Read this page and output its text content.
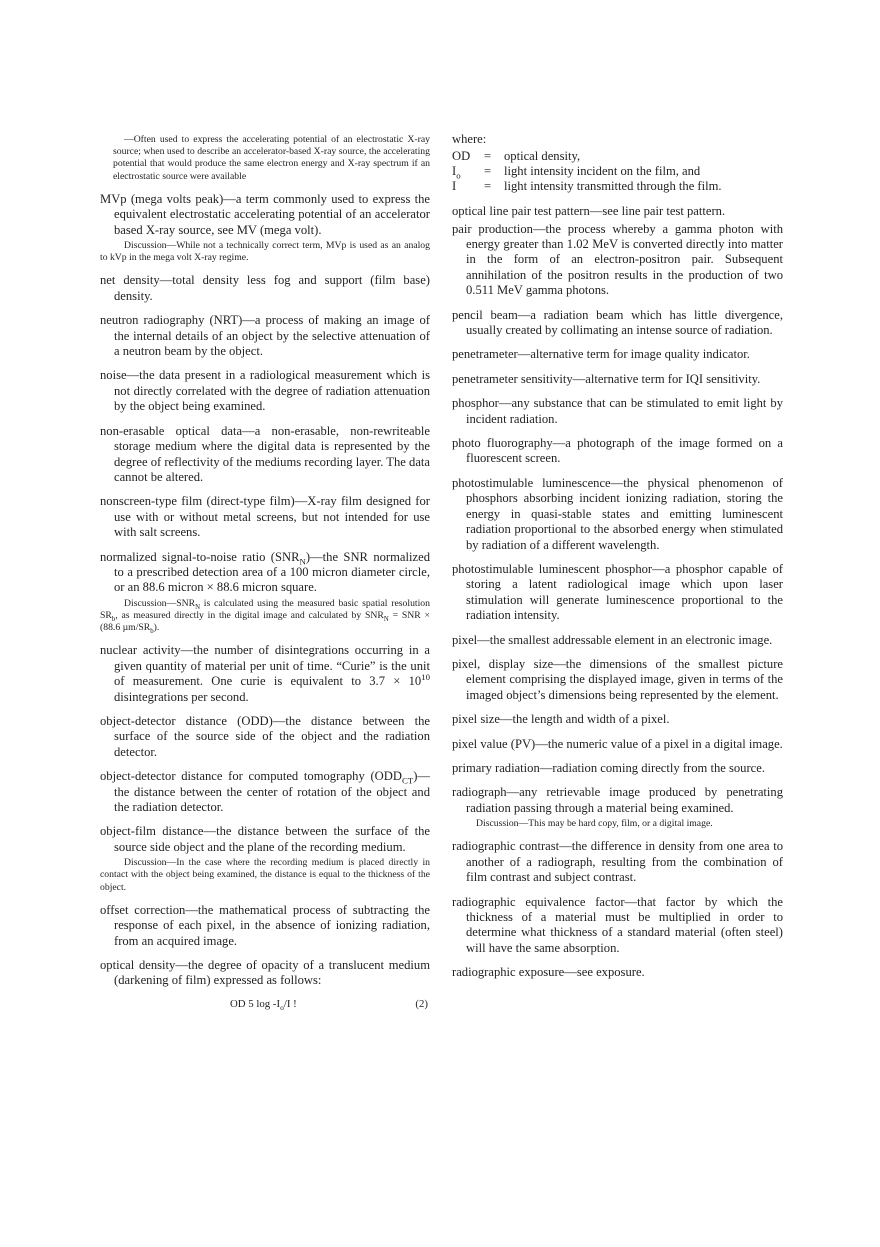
—Often used to express the accelerating potential of an electrostatic X-ray source; when used to describe an accelerator-based X-ray source, the accelerating potential that would produce the same electron energy and X-ray spectrum if an electrostatic source were available

MVp (mega volts peak)—a term commonly used to express the equivalent electrostatic accelerating potential of an accelerator based X-ray source, see MV (mega volt).

Discussion—While not a technically correct term, MVp is used as an analog to kVp in the mega volt X-ray regime.

net density—total density less fog and support (film base) density.

neutron radiography (NRT)—a process of making an image of the internal details of an object by the selective attenuation of a neutron beam by the object.

noise—the data present in a radiological measurement which is not directly correlated with the degree of radiation attenuation by the object being examined.

non-erasable optical data—a non-erasable, non-rewriteable storage medium where the digital data is represented by the degree of reflectivity of the mediums recording layer. The data cannot be altered.

nonscreen-type film (direct-type film)—X-ray film designed for use with or without metal screens, but not intended for use with salt screens.

normalized signal-to-noise ratio $(SNR_N)—the$ SNR normalized to a prescribed detection area of a 100 micron diameter circle, or an 88.6 micron × 88.6 micron square.

$Discussion—SNR_N$ is calculated using the measured basic spatial resolution $SR_b$, as measured directly in the digital image and calculated by $SNR_N$ = SNR × (88.6 $\mu m/SR_b$).

nuclear activity—the number of disintegrations occurring in a given quantity of material per unit of time. “Curie” is the unit of measurement. One curie is equivalent to $3.7 \times 10^{10}$ disintegrations per second.

object-detector distance (ODD)—the distance between the surface of the source side of the object and the radiation detector.

object-detector distance for computed tomography $(ODD_{CT})—the$ distance between the center of rotation of the object and the radiation detector.

object-film distance—the distance between the surface of the source side object and the plane of the recording medium.

Discussion—In the case where the recording medium is placed directly in contact with the object being examined, the distance is equal to the thickness of the object.

offset correction—the mathematical process of subtracting the response of each pixel, in the absence of ionizing radiation, from an acquired image.

optical density—the degree of opacity of a translucent medium (darkening of film) expressed as follows:

OD 5 $\log -I_o/I$ !	(2)

where:

OD	=	optical density,
$I_o$	=	light intensity incident on the film, and
I	=	light intensity transmitted through the film.

optical line pair test pattern—see line pair test pattern.

pair production—the process whereby a gamma photon with energy greater than 1.02 MeV is converted directly into matter in the form of an electron-positron pair. Subsequent annihilation of the positron results in the production of two 0.511 MeV gamma photons.

pencil beam—a radiation beam which has little divergence, usually created by collimating an intense source of radiation.

penetrameter—alternative term for image quality indicator.

penetrameter sensitivity—alternative term for IQI sensitivity.

phosphor—any substance that can be stimulated to emit light by incident radiation.

photo fluorography—a photograph of the image formed on a fluorescent screen.

photostimulable luminescence—the physical phenomenon of phosphors absorbing incident ionizing radiation, storing the energy in quasi-stable states and emitting luminescent radiation proportional to the absorbed energy when stimulated by radiation of a different wavelength.

photostimulable luminescent phosphor—a phosphor capable of storing a latent radiological image which upon laser stimulation will generate luminescence proportional to the radiation intensity.

pixel—the smallest addressable element in an electronic image.

pixel, display size—the dimensions of the smallest picture element comprising the displayed image, given in terms of the imaged object’s dimensions being represented by the element.

pixel size—the length and width of a pixel.

pixel value (PV)—the numeric value of a pixel in a digital image.

primary radiation—radiation coming directly from the source.

radiograph—any retrievable image produced by penetrating radiation passing through a material being examined.

Discussion—This may be hard copy, film, or a digital image.

radiographic contrast—the difference in density from one area to another of a radiograph, resulting from the combination of film contrast and subject contrast.

radiographic equivalence factor—that factor by which the thickness of a material must be multiplied in order to determine what thickness of a standard material (often steel) will have the same absorption.

radiographic exposure—see exposure.
